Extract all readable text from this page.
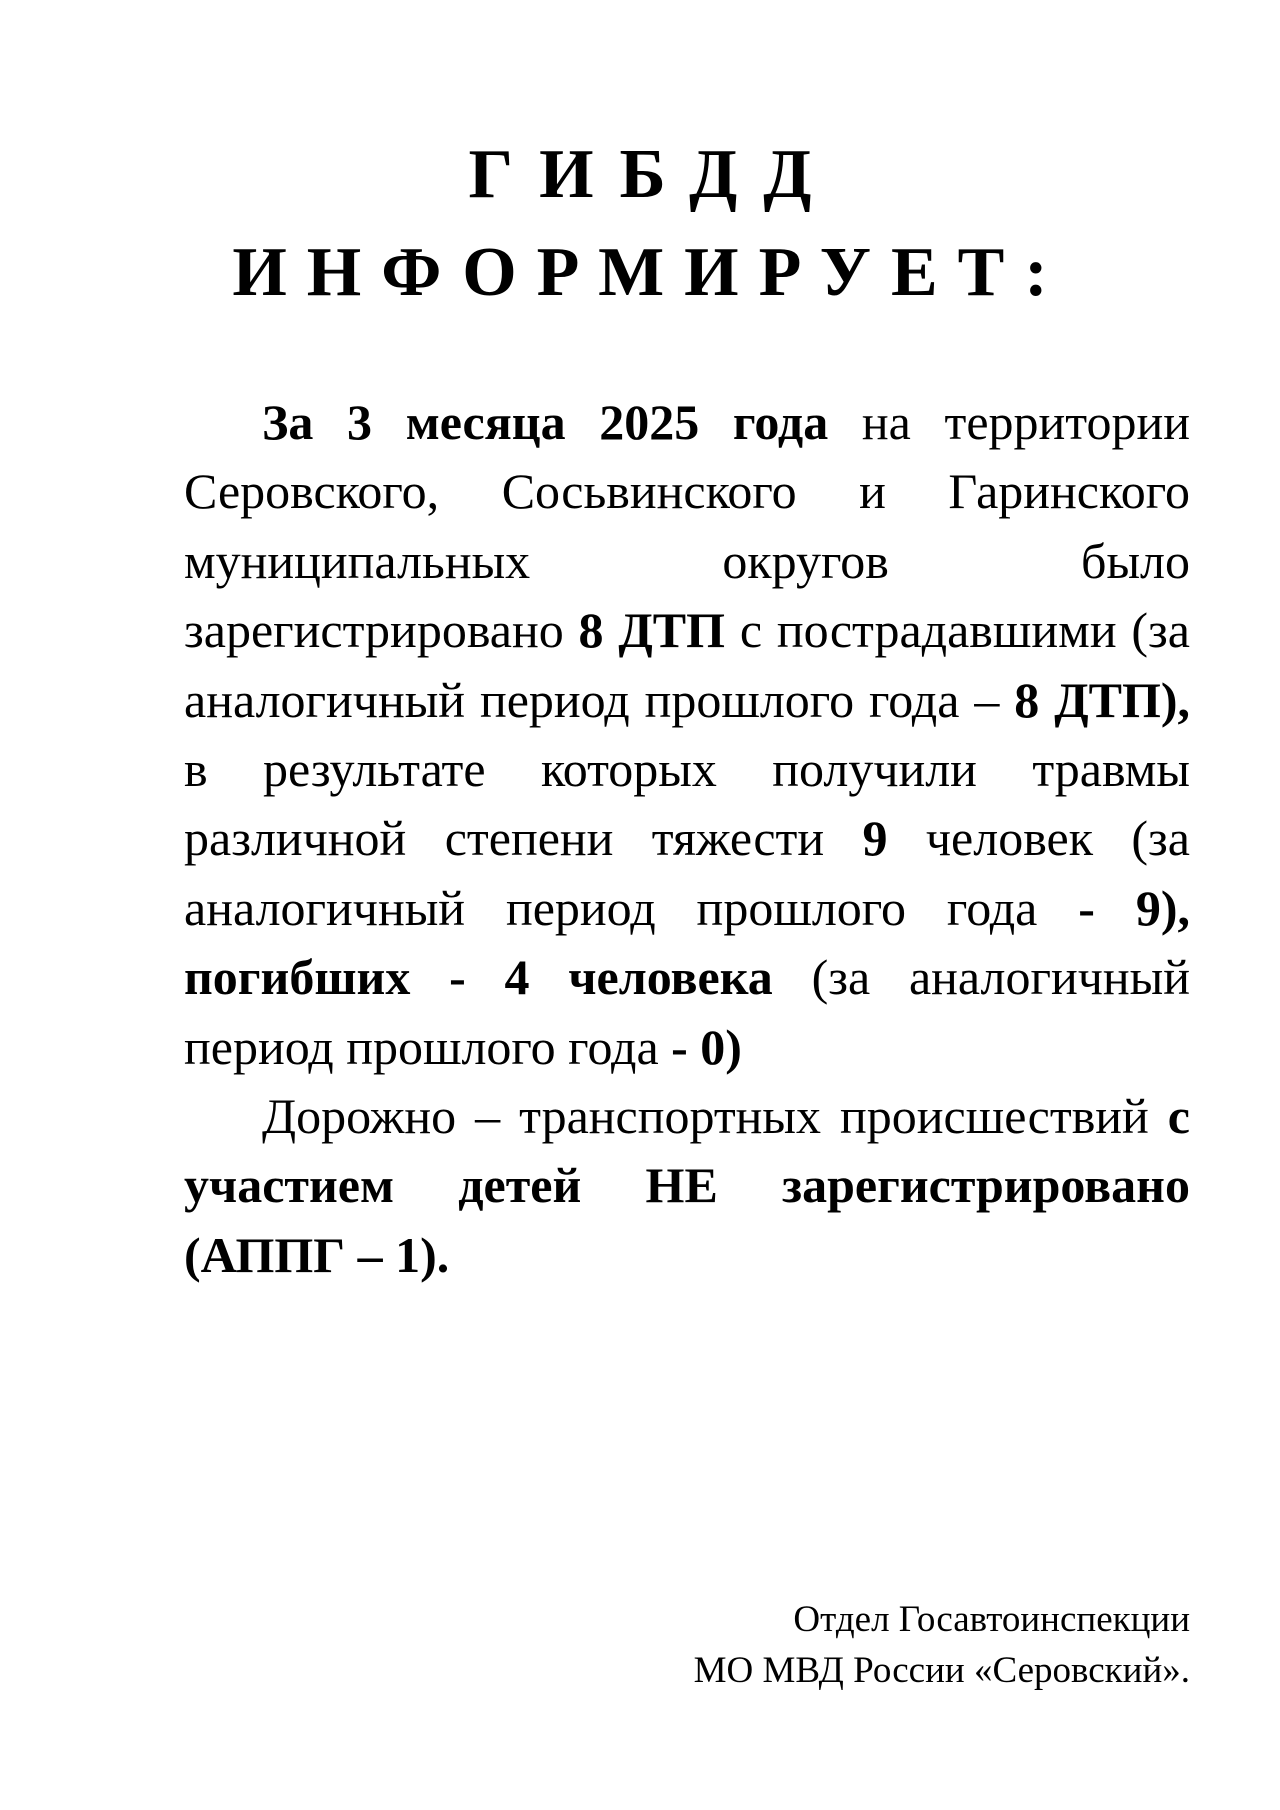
ГИБДД
ИНФОРМИРУЕТ:

За 3 месяца 2025 года на территории Серовского, Сосьвинского и Гаринского муниципальных округов было зарегистрировано 8 ДТП с пострадавшими (за аналогичный период прошлого года – 8 ДТП), в результате которых получили травмы различной степени тяжести 9 человек (за аналогичный период прошлого года - 9), погибших - 4 человека (за аналогичный период прошлого года - 0)

Дорожно – транспортных происшествий с участием детей НЕ зарегистрировано (АППГ – 1).

Отдел Госавтоинспекции
МО МВД России «Серовский».
